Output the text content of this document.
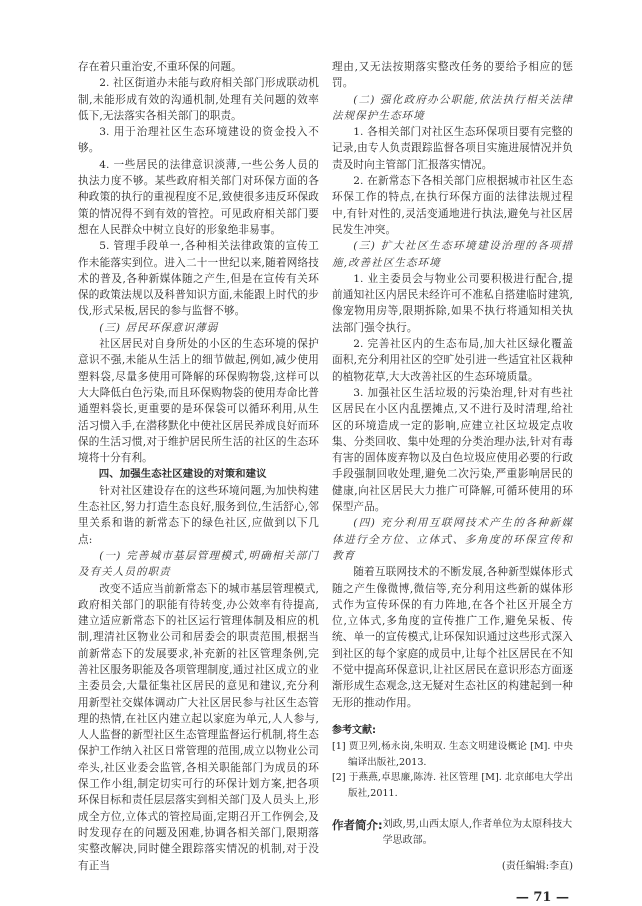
存在着只重治安,不重环保的问题。

2. 社区街道办未能与政府相关部门形成联动机制,未能形成有效的沟通机制,处理有关问题的效率低下,无法落实各相关部门的职责。

3. 用于治理社区生态环境建设的资金投入不够。

4. 一些居民的法律意识淡薄,一些公务人员的执法力度不够。某些政府相关部门对环保方面的各种政策的执行的重视程度不足,致使很多违反环保政策的情况得不到有效的管控。可见政府相关部门要想在人民群众中树立良好的形象绝非易事。

5. 管理手段单一,各种相关法律政策的宣传工作未能落实到位。进入二十一世纪以来,随着网络技术的普及,各种新媒体随之产生,但是在宣传有关环保的政策法规以及科普知识方面,未能跟上时代的步伐,形式呆板,居民的参与监督不够。

(三) 居民环保意识薄弱

社区居民对自身所处的小区的生态环境的保护意识不强,未能从生活上的细节做起,例如,减少使用塑料袋,尽量多使用可降解的环保购物袋,这样可以大大降低白色污染,而且环保购物袋的使用寿命比普通塑料袋长,更重要的是环保袋可以循环利用,从生活习惯入手,在潜移默化中使社区居民养成良好而环保的生活习惯,对于维护居民所生活的社区的生态环境将十分有利。

四、加强生态社区建设的对策和建议

针对社区建设存在的这些环境问题,为加快构建生态社区,努力打造生态良好,服务到位,生活舒心,邻里关系和谐的新常态下的绿色社区,应做到以下几点:

(一) 完善城市基层管理模式,明确相关部门及有关人员的职责

改变不适应当前新常态下的城市基层管理模式,政府相关部门的职能有待转变,办公效率有待提高,建立适应新常态下的社区运行管理体制及相应的机制,理清社区物业公司和居委会的职责范围,根据当前新常态下的发展要求,补充新的社区管理条例,完善社区服务职能及各项管理制度,通过社区成立的业主委员会,大量征集社区居民的意见和建议,充分利用新型社交媒体调动广大社区居民参与社区生态管理的热情,在社区内建立起以家庭为单元,人人参与,人人监督的新型社区生态管理监督运行机制,将生态保护工作纳入社区日常管理的范围,成立以物业公司牵头,社区业委会监管,各相关职能部门为成员的环保工作小组,制定切实可行的环保计划方案,把各项环保目标和责任层层落实到相关部门及人员头上,形成全方位,立体式的管控局面,定期召开工作例会,及时发现存在的问题及困难,协调各相关部门,限期落实整改解决,同时健全跟踪落实情况的机制,对于没有正当

理由,又无法按期落实整改任务的要给予相应的惩罚。

(二) 强化政府办公职能,依法执行相关法律法规保护生态环境

1. 各相关部门对社区生态环保项目要有完整的记录,由专人负责跟踪监督各项目实施进展情况并负责及时向主管部门汇报落实情况。

2. 在新常态下各相关部门应根据城市社区生态环保工作的特点,在执行环保方面的法律法规过程中,有针对性的,灵活变通地进行执法,避免与社区居民发生冲突。

(三) 扩大社区生态环境建设治理的各项措施,改善社区生态环境

1. 业主委员会与物业公司要积极进行配合,提前通知社区内居民未经许可不准私自搭建临时建筑,像宠物用房等,限期拆除,如果不执行将通知相关执法部门强令执行。

2. 完善社区内的生态布局,加大社区绿化覆盖面积,充分利用社区的空旷处引进一些适宜社区栽种的植物花草,大大改善社区的生态环境质量。

3. 加强社区生活垃圾的污染治理,针对有些社区居民在小区内乱摆摊点,又不进行及时清理,给社区的环境造成一定的影响,应建立社区垃圾定点收集、分类回收、集中处理的分类治理办法,针对有毒有害的固体废弃物以及白色垃圾应使用必要的行政手段强制回收处理,避免二次污染,严重影响居民的健康,向社区居民大力推广可降解,可循环使用的环保型产品。

(四) 充分利用互联网技术产生的各种新媒体进行全方位、立体式、多角度的环保宣传和教育

随着互联网技术的不断发展,各种新型媒体形式随之产生像微博,微信等,充分利用这些新的媒体形式作为宣传环保的有力阵地,在各个社区开展全方位,立体式,多角度的宣传推广工作,避免呆板、传统、单一的宣传模式,让环保知识通过这些形式深入到社区的每个家庭的成员中,让每个社区居民在不知不觉中提高环保意识,让社区居民在意识形态方面逐渐形成生态观念,这无疑对生态社区的构建起到一种无形的推动作用。

参考文献:
[1] 贾卫列,杨永岗,朱明双. 生态文明建设概论 [M]. 中央编译出版社,2013.
[2] 于燕燕,卓思廉,陈涛. 社区管理 [M]. 北京邮电大学出版社,2011.
作者简介: 刘政,男,山西太原人,作者单位为太原科技大学思政部。
(责任编辑:李直)
— 71 —
